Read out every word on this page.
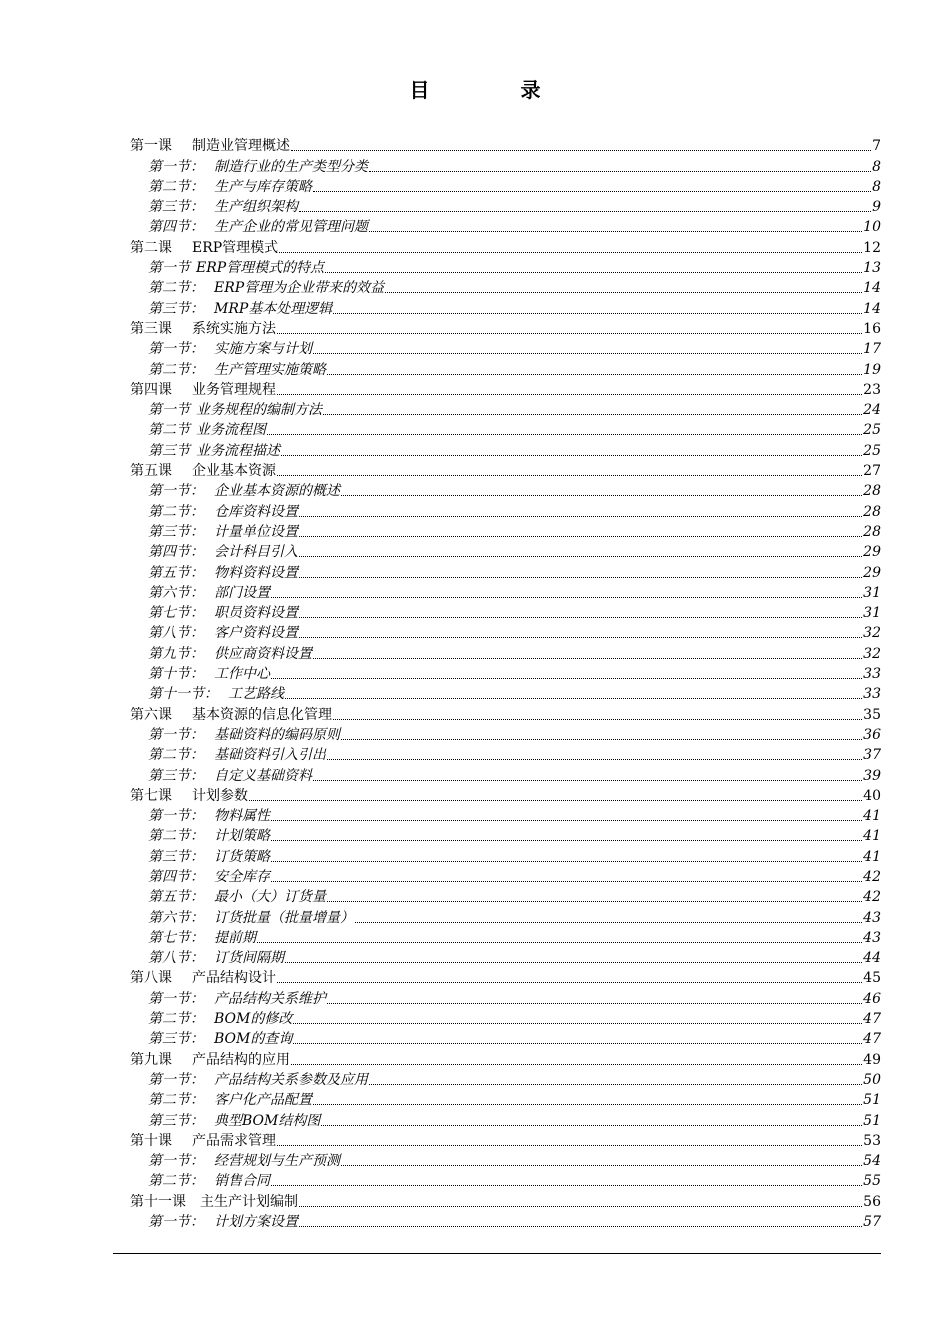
目 录
第一课 制造业管理概述	7
第一节： 制造行业的生产类型分类	8
第二节： 生产与库存策略	8
第三节： 生产组织架构	9
第四节： 生产企业的常见管理问题	10
第二课 ERP管理模式	12
第一节 ERP管理模式的特点	13
第二节： ERP管理为企业带来的效益	14
第三节： MRP基本处理逻辑	14
第三课 系统实施方法	16
第一节： 实施方案与计划	17
第二节： 生产管理实施策略	19
第四课 业务管理规程	23
第一节 业务规程的编制方法	24
第二节 业务流程图	25
第三节 业务流程描述	25
第五课 企业基本资源	27
第一节： 企业基本资源的概述	28
第二节： 仓库资料设置	28
第三节： 计量单位设置	28
第四节： 会计科目引入	29
第五节： 物料资料设置	29
第六节： 部门设置	31
第七节： 职员资料设置	31
第八节： 客户资料设置	32
第九节： 供应商资料设置	32
第十节： 工作中心	33
第十一节： 工艺路线	33
第六课 基本资源的信息化管理	35
第一节： 基础资料的编码原则	36
第二节： 基础资料引入引出	37
第三节： 自定义基础资料	39
第七课 计划参数	40
第一节： 物料属性	41
第二节： 计划策略	41
第三节： 订货策略	41
第四节： 安全库存	42
第五节： 最小（大）订货量	42
第六节： 订货批量（批量增量）	43
第七节： 提前期	43
第八节： 订货间隔期	44
第八课 产品结构设计	45
第一节： 产品结构关系维护	46
第二节： BOM的修改	47
第三节： BOM的查询	47
第九课 产品结构的应用	49
第一节： 产品结构关系参数及应用	50
第二节： 客户化产品配置	51
第三节： 典型BOM结构图	51
第十课 产品需求管理	53
第一节： 经营规划与生产预测	54
第二节： 销售合同	55
第十一课 主生产计划编制	56
第一节： 计划方案设置	57
